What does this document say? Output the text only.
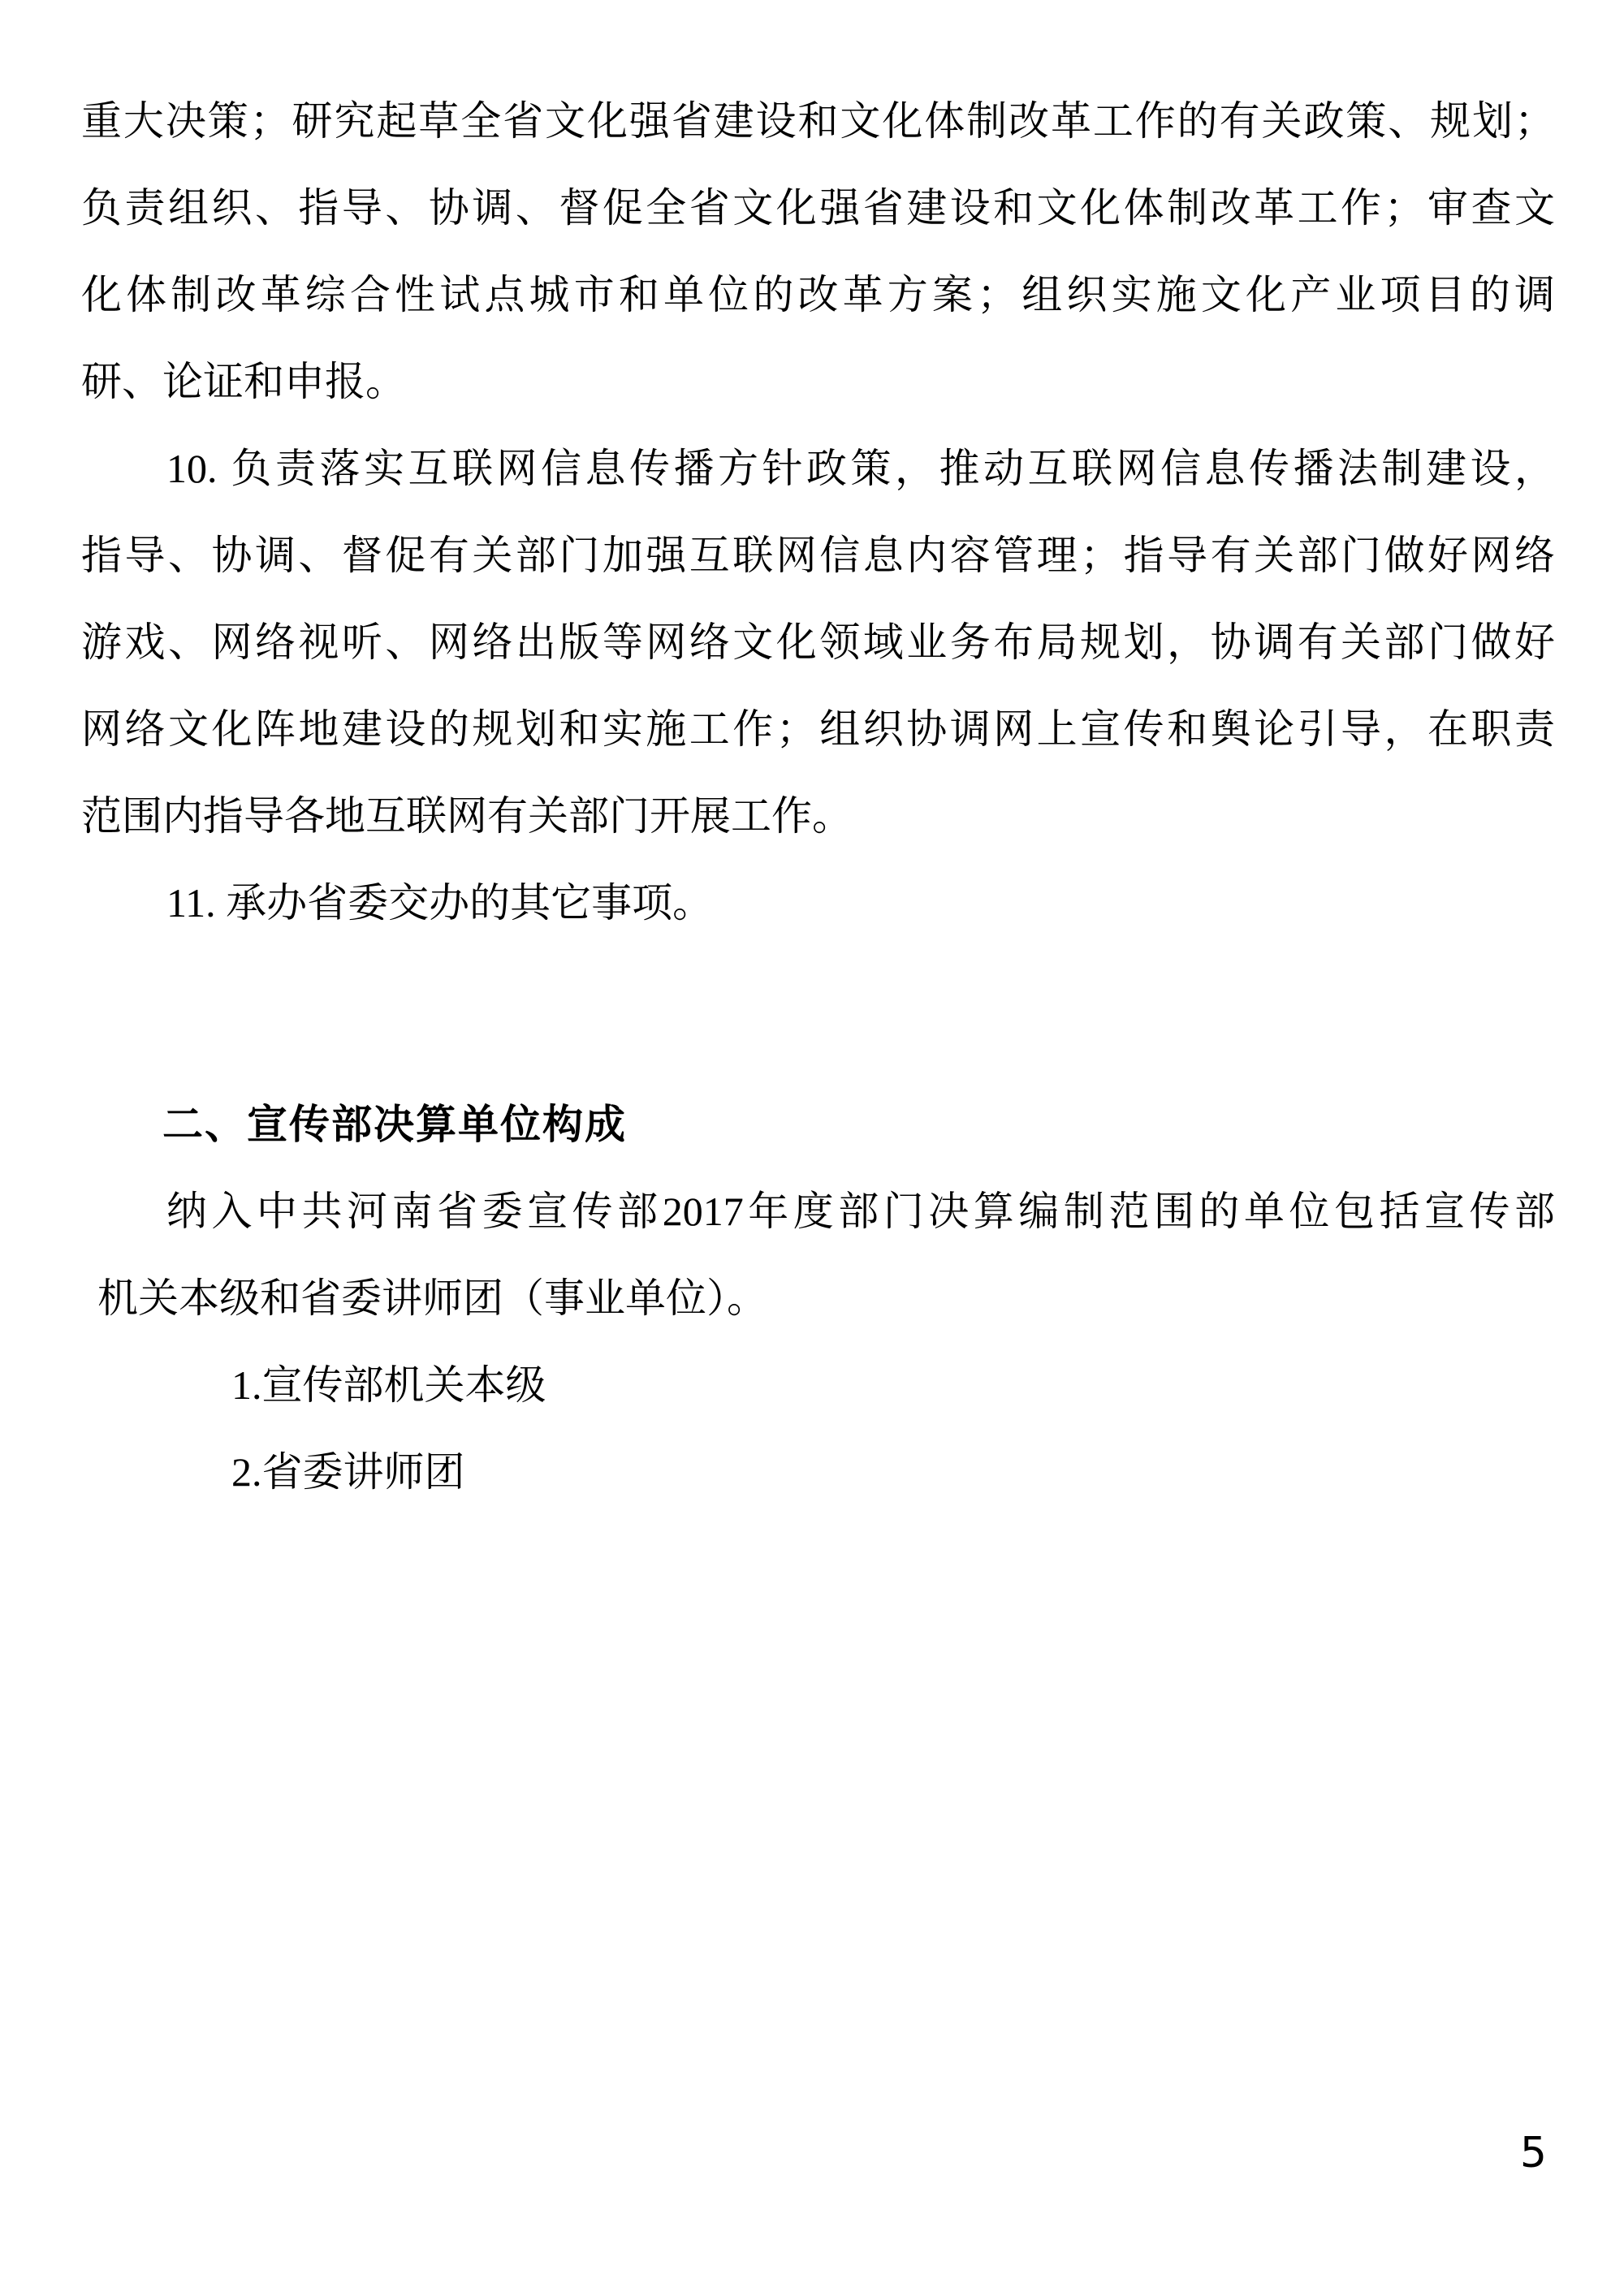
重大决策；研究起草全省文化强省建设和文化体制改革工作的有关政策、规划；

负责组织、指导、协调、督促全省文化强省建设和文化体制改革工作；审查文

化体制改革综合性试点城市和单位的改革方案；组织实施文化产业项目的调

研、论证和申报。

10. 负责落实互联网信息传播方针政策，推动互联网信息传播法制建设，

指导、协调、督促有关部门加强互联网信息内容管理；指导有关部门做好网络

游戏、网络视听、网络出版等网络文化领域业务布局规划，协调有关部门做好

网络文化阵地建设的规划和实施工作；组织协调网上宣传和舆论引导，在职责

范围内指导各地互联网有关部门开展工作。

11. 承办省委交办的其它事项。

二、宣传部决算单位构成

纳入中共河南省委宣传部2017年度部门决算编制范围的单位包括宣传部

机关本级和省委讲师团（事业单位）。

1.宣传部机关本级

2.省委讲师团

5
